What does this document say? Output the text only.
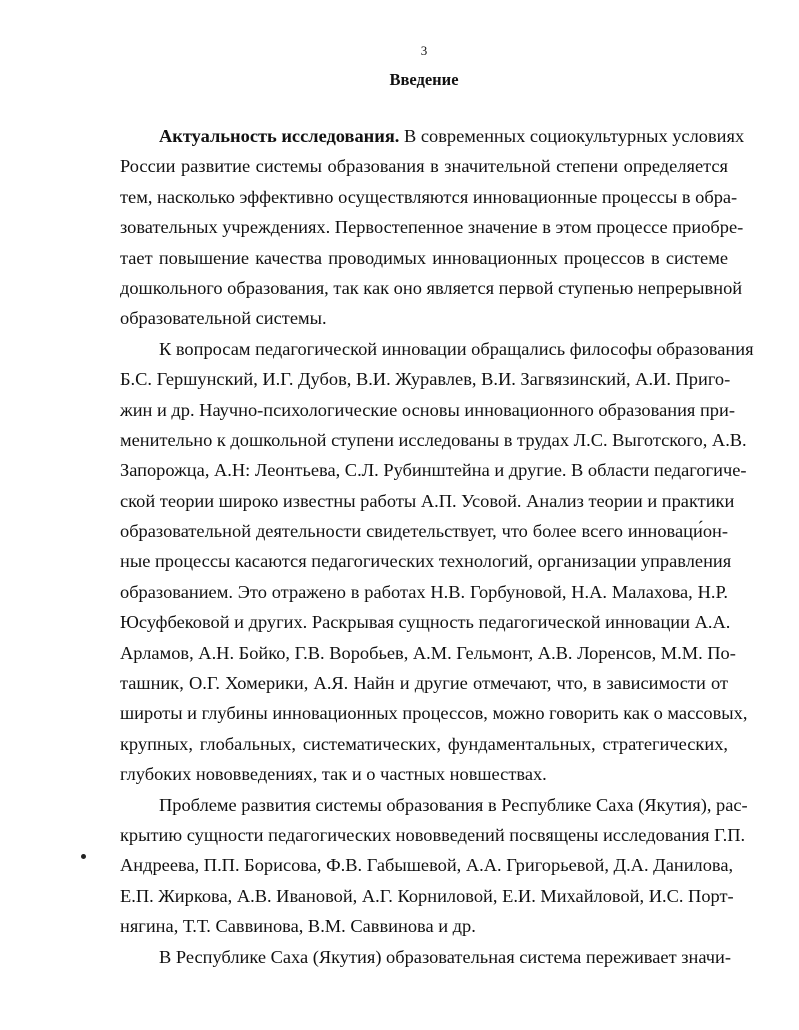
3
Введение
Актуальность исследования. В современных социокультурных условиях
России развитие системы образования в значительной степени определяется
тем, насколько эффективно осуществляются инновационные процессы в обра-
зовательных учреждениях. Первостепенное значение в этом процессе приобре-
тает повышение качества проводимых инновационных процессов в системе
дошкольного образования, так как оно является первой ступенью непрерывной
образовательной системы.
К вопросам педагогической инновации обращались философы образования
Б.С. Гершунский, И.Г. Дубов, В.И. Журавлев, В.И. Загвязинский, А.И. Приго-
жин и др. Научно-психологические основы инновационного образования при-
менительно к дошкольной ступени исследованы в трудах Л.С. Выготского, А.В.
Запорожца, А.Н: Леонтьева, С.Л. Рубинштейна и другие. В области педагогиче-
ской теории широко известны работы А.П. Усовой. Анализ теории и практики
образовательной деятельности свидетельствует, что более всего инноваци́он-
ные процессы касаются педагогических технологий, организации управления
образованием. Это отражено в работах Н.В. Горбуновой, Н.А. Малахова, Н.Р.
Юсуфбековой и других. Раскрывая сущность педагогической инновации А.А.
Арламов, А.Н. Бойко, Г.В. Воробьев, А.М. Гельмонт, А.В. Лоренсов, М.М. По-
ташник, О.Г. Хомерики, А.Я. Найн и другие отмечают, что, в зависимости от
широты и глубины инновационных процессов, можно говорить как о массовых,
крупных, глобальных, систематических, фундаментальных, стратегических,
глубоких нововведениях, так и о частных новшествах.
Проблеме развития системы образования в Республике Саха (Якутия), рас-
крытию сущности педагогических нововведений посвящены исследования Г.П.
Андреева, П.П. Борисова, Ф.В. Габышевой, А.А. Григорьевой, Д.А. Данилова,
Е.П. Жиркова, А.В. Ивановой, А.Г. Корниловой, Е.И. Михайловой, И.С. Порт-
нягина, Т.Т. Саввинова, В.М. Саввинова и др.
В Республике Саха (Якутия) образовательная система переживает значи-
